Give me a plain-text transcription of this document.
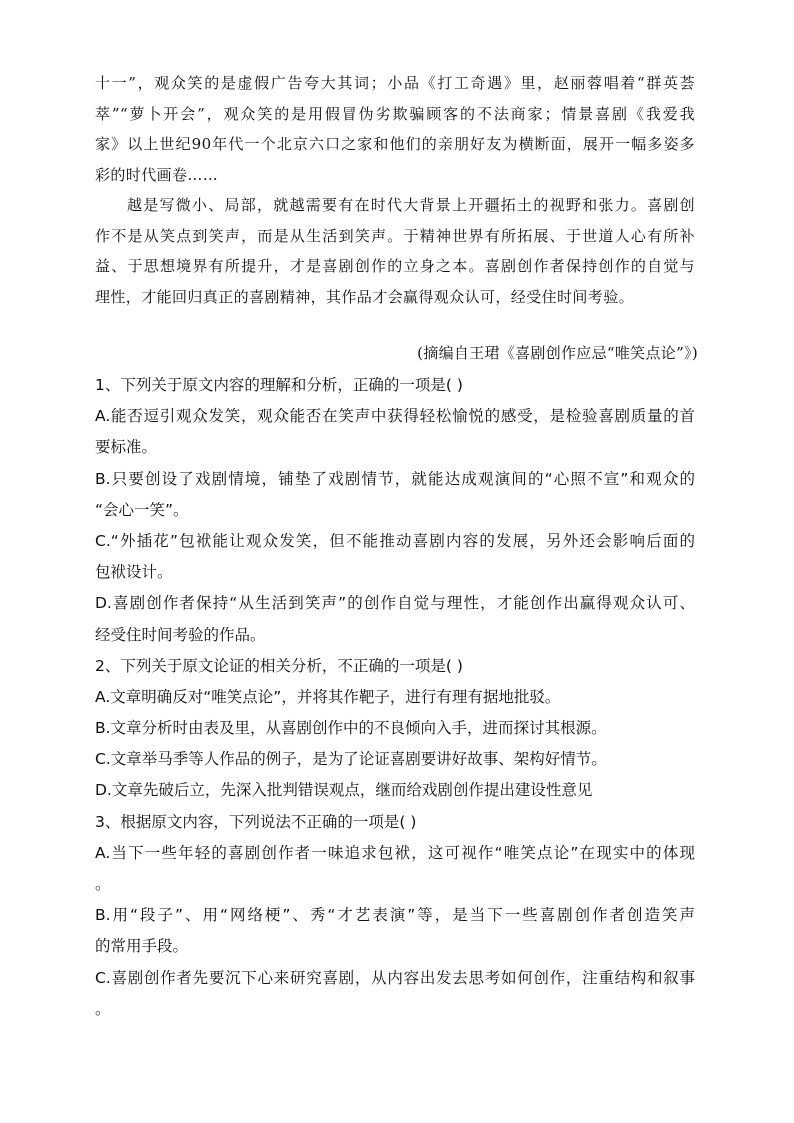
十一”，观众笑的是虚假广告夸大其词；小品《打工奇遇》里，赵丽蓉唱着“群英荟
萃”“萝卜开会”，观众笑的是用假冒伪劣欺骗顾客的不法商家；情景喜剧《我爱我
家》以上世纪90年代一个北京六口之家和他们的亲朋好友为横断面，展开一幅多姿多
彩的时代画卷……
越是写微小、局部，就越需要有在时代大背景上开疆拓土的视野和张力。喜剧创
作不是从笑点到笑声，而是从生活到笑声。于精神世界有所拓展、于世道人心有所补
益、于思想境界有所提升，才是喜剧创作的立身之本。喜剧创作者保持创作的自觉与
理性，才能回归真正的喜剧精神，其作品才会赢得观众认可，经受住时间考验。
(摘编自王珺《喜剧创作应忌“唯笑点论”》)
1、下列关于原文内容的理解和分析，正确的一项是( )
A.能否逗引观众发笑，观众能否在笑声中获得轻松愉悦的感受，是检验喜剧质量的首
要标准。
B.只要创设了戏剧情境，铺垫了戏剧情节，就能达成观演间的“心照不宣”和观众的
“会心一笑”。
C.“外插花”包袱能让观众发笑，但不能推动喜剧内容的发展，另外还会影响后面的
包袱设计。
D.喜剧创作者保持“从生活到笑声”的创作自觉与理性，才能创作出赢得观众认可、
经受住时间考验的作品。
2、下列关于原文论证的相关分析，不正确的一项是( )
A.文章明确反对“唯笑点论”，并将其作靶子，进行有理有据地批驳。
B.文章分析时由表及里，从喜剧创作中的不良倾向入手，进而探讨其根源。
C.文章举马季等人作品的例子，是为了论证喜剧要讲好故事、架构好情节。
D.文章先破后立，先深入批判错误观点，继而给戏剧创作提出建设性意见
3、根据原文内容，下列说法不正确的一项是( )
A.当下一些年轻的喜剧创作者一味追求包袱，这可视作“唯笑点论”在现实中的体现
。
B.用“段子”、用“网络梗”、秀“才艺表演”等，是当下一些喜剧创作者创造笑声
的常用手段。
C.喜剧创作者先要沉下心来研究喜剧，从内容出发去思考如何创作，注重结构和叙事
。
